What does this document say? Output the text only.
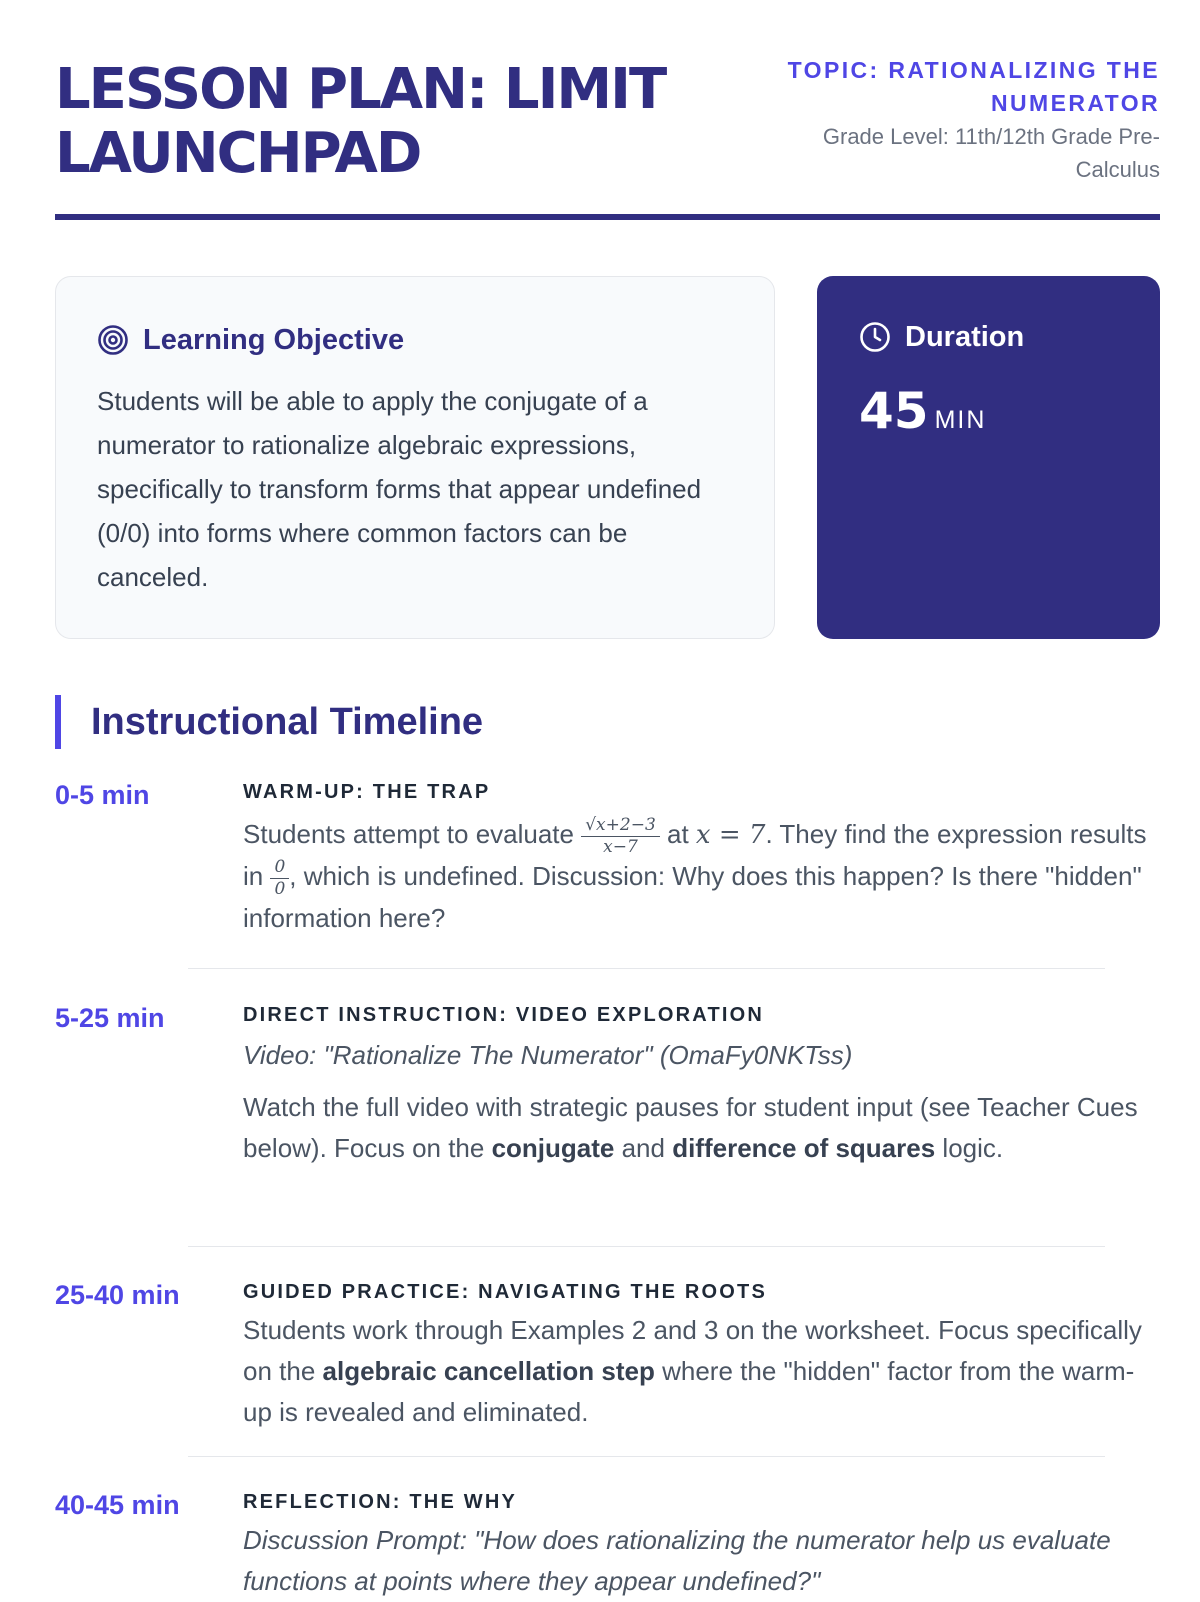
LESSON PLAN: LIMIT LAUNCHPAD
TOPIC: RATIONALIZING THE NUMERATOR
Grade Level: 11th/12th Grade Pre-Calculus
Learning Objective

Students will be able to apply the conjugate of a numerator to rationalize algebraic expressions, specifically to transform forms that appear undefined (0/0) into forms where common factors can be canceled.

Duration
45 MIN
Instructional Timeline
0-5 min	WARM-UP: THE TRAP

Students attempt to evaluate $\frac{√x+2-3}{x-7}$ at x = 7. They find the expression results in $\frac{0}{0}$ , which is undefined. Discussion: Why does this happen? Is there "hidden" information here?

5-25 min	DIRECT INSTRUCTION: VIDEO EXPLORATION

Video: "Rationalize The Numerator" (OmaFy0NKTss)

Watch the full video with strategic pauses for student input (see Teacher Cues below). Focus on the conjugate and difference of squares logic.

25-40 min	GUIDED PRACTICE: NAVIGATING THE ROOTS

Students work through Examples 2 and 3 on the worksheet. Focus specifically on the algebraic cancellation step where the "hidden" factor from the warm-up is revealed and eliminated.

40-45 min	REFLECTION: THE WHY

Discussion Prompt: "How does rationalizing the numerator help us evaluate functions at points where they appear undefined?"
